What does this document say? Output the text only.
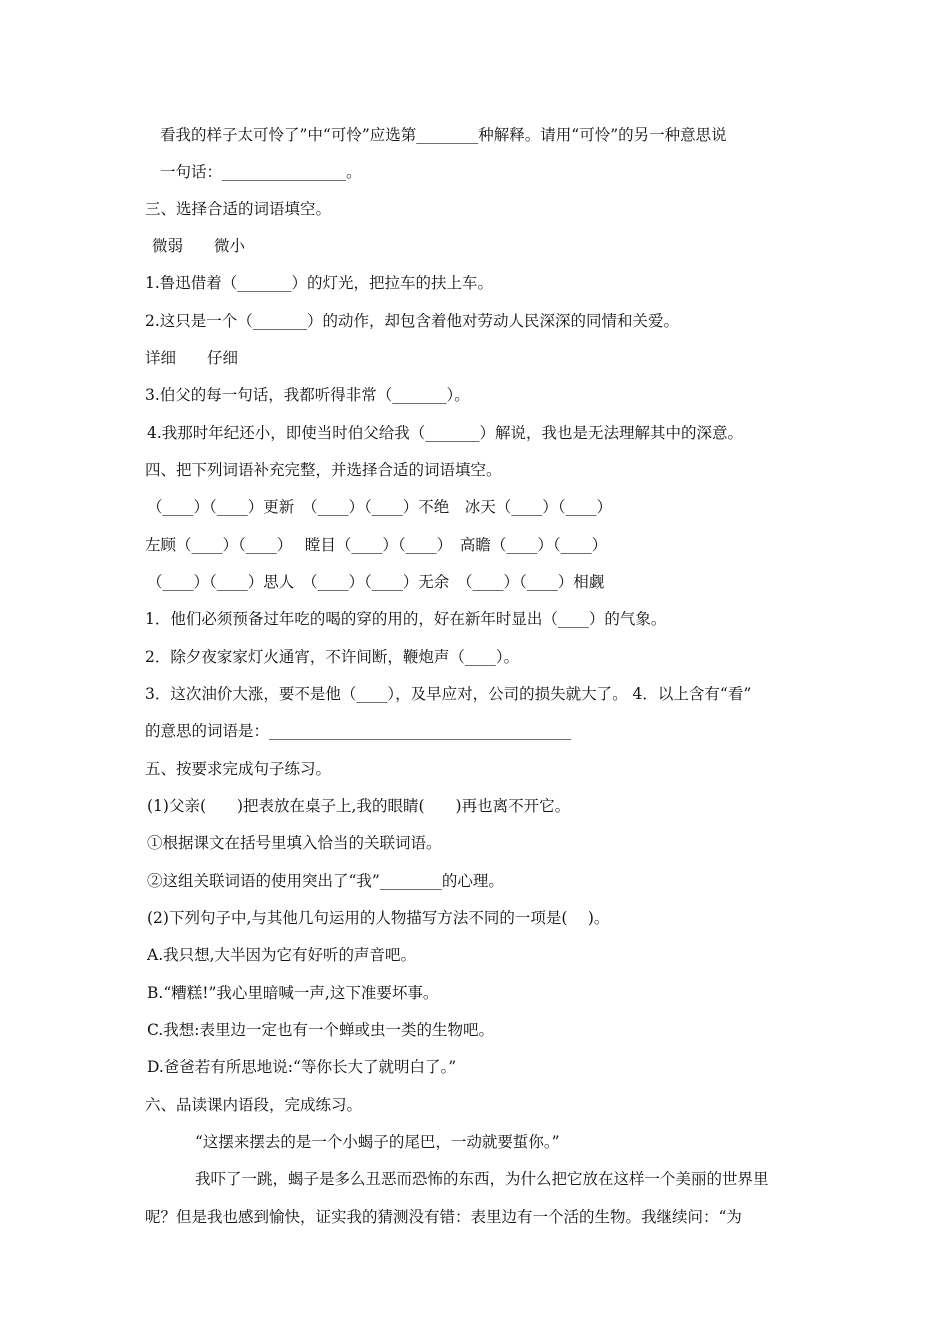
看我的样子太可怜了”中“可怜”应选第________种解释。请用“可怜”的另一种意思说
一句话：________________。
三、选择合适的词语填空。
微弱　　微小
1.鲁迅借着（_______）的灯光，把拉车的扶上车。
2.这只是一个（_______）的动作，却包含着他对劳动人民深深的同情和关爱。
详细　　仔细
3.伯父的每一句话，我都听得非常（_______）。
4.我那时年纪还小，即使当时伯父给我（_______）解说，我也是无法理解其中的深意。
四、把下列词语补充完整，并选择合适的词语填空。
（____）（____）更新　（____）（____）不绝　冰天（____）（____）
左顾（____）（____）　 瞠目（____）（____）　高瞻（____）（____）
（____）（____）思人　（____）（____）无余　（____）（____）相觑
1．他们必须预备过年吃的喝的穿的用的，好在新年时显出（____）的气象。
2．除夕夜家家灯火通宵，不许间断，鞭炮声（____）。
3．这次油价大涨，要不是他（____），及早应对，公司的损失就大了。 4．以上含有“看”
的意思的词语是：_______________________________________
五、按要求完成句子练习。
(1)父亲(　　)把表放在桌子上,我的眼睛(　　)再也离不开它。
①根据课文在括号里填入恰当的关联词语。
②这组关联词语的使用突出了“我”________的心理。
(2)下列句子中,与其他几句运用的人物描写方法不同的一项是(　 )。
A.我只想,大半因为它有好听的声音吧。
B.“糟糕!”我心里暗喊一声,这下准要坏事。
C.我想:表里边一定也有一个蝉或虫一类的生物吧。
D.爸爸若有所思地说:“等你长大了就明白了。”
六、品读课内语段，完成练习。
“这摆来摆去的是一个小蝎子的尾巴，一动就要蜇你。”
我吓了一跳，蝎子是多么丑恶而恐怖的东西，为什么把它放在这样一个美丽的世界里
呢？但是我也感到愉快，证实我的猜测没有错：表里边有一个活的生物。我继续问：“为
